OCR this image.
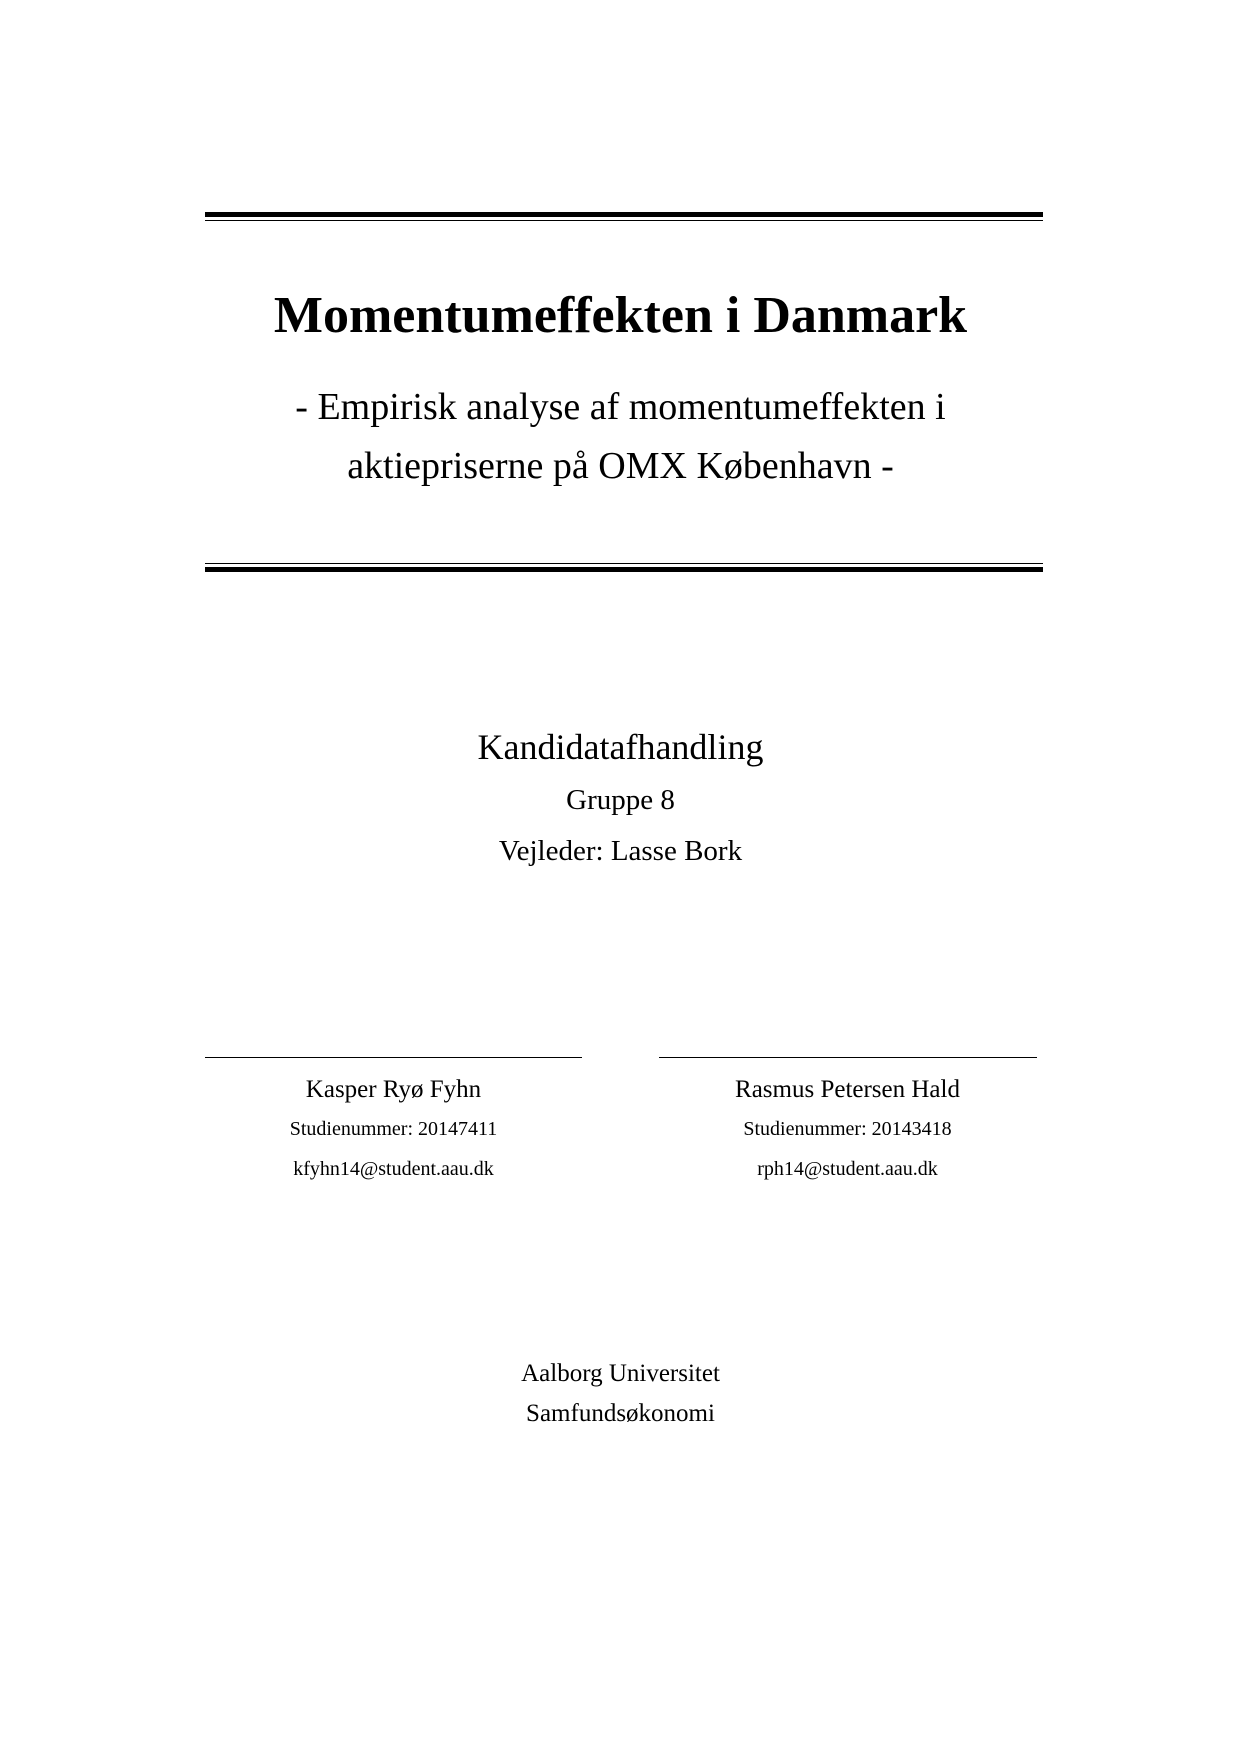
Momentumeffekten i Danmark
- Empirisk analyse af momentumeffekten i
aktiepriserne på OMX København -
Kandidatafhandling
Gruppe 8
Vejleder: Lasse Bork
Kasper Ryø Fyhn
Studienummer: 20147411
kfyhn14@student.aau.dk
Rasmus Petersen Hald
Studienummer: 20143418
rph14@student.aau.dk
Aalborg Universitet
Samfundsøkonomi
